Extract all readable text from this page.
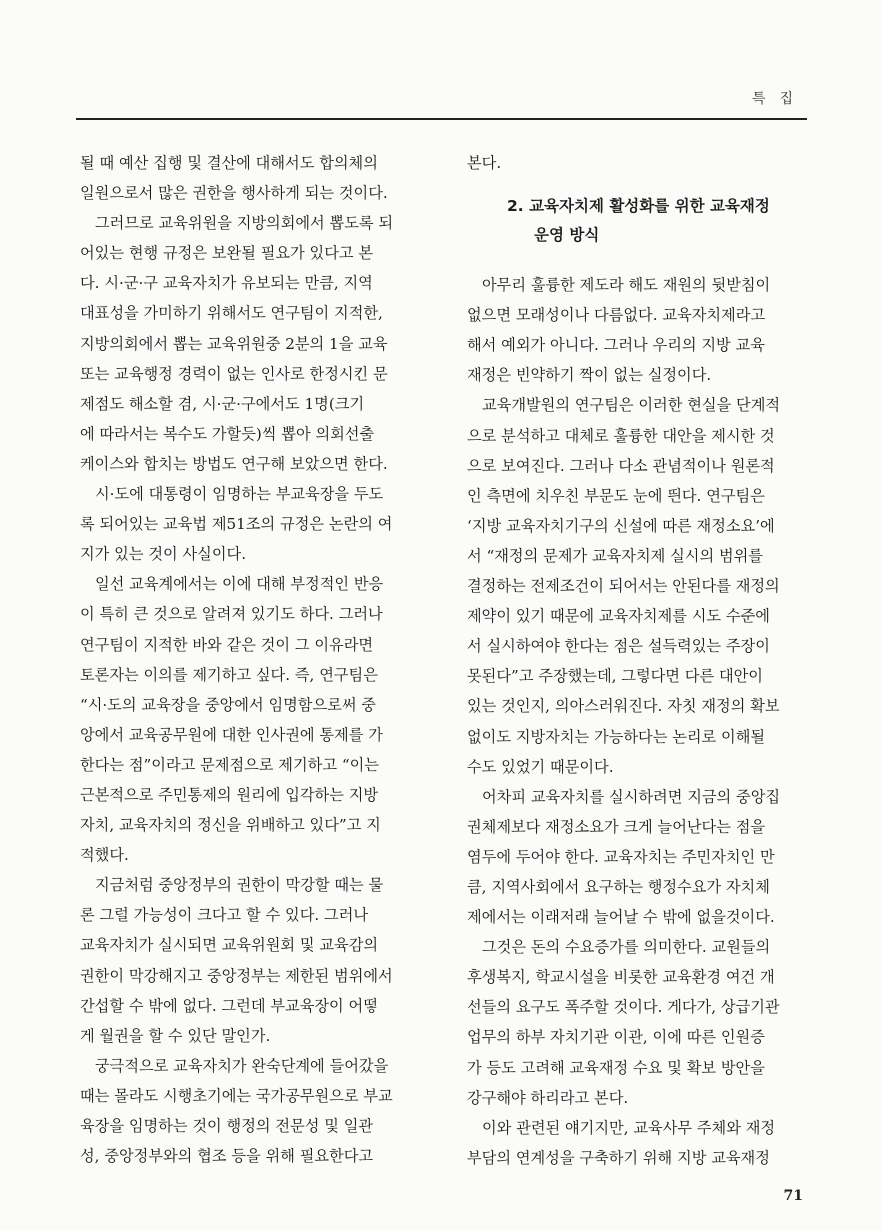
특집
될 때 예산 집행 및 결산에 대해서도 합의체의
일원으로서 많은 권한을 행사하게 되는 것이다.
그러므로 교육위원을 지방의회에서 뽑도록 되
어있는 현행 규정은 보완될 필요가 있다고 본
다. 시·군·구 교육자치가 유보되는 만큼, 지역
대표성을 가미하기 위해서도 연구팀이 지적한,
지방의회에서 뽑는 교육위원중 2분의 1을 교육
또는 교육행정 경력이 없는 인사로 한정시킨 문
제점도 해소할 겸, 시·군·구에서도 1명(크기
에 따라서는 복수도 가할듯)씩 뽑아 의회선출
케이스와 합치는 방법도 연구해 보았으면 한다.
시·도에 대통령이 임명하는 부교육장을 두도
록 되어있는 교육법 제51조의 규정은 논란의 여
지가 있는 것이 사실이다.
일선 교육계에서는 이에 대해 부정적인 반응
이 특히 큰 것으로 알려져 있기도 하다. 그러나
연구팀이 지적한 바와 같은 것이 그 이유라면
토론자는 이의를 제기하고 싶다. 즉, 연구팀은
“시·도의 교육장을 중앙에서 임명함으로써 중
앙에서 교육공무원에 대한 인사권에 통제를 가
한다는 점”이라고 문제점으로 제기하고 “이는
근본적으로 주민통제의 원리에 입각하는 지방
자치, 교육자치의 정신을 위배하고 있다”고 지
적했다.
지금처럼 중앙정부의 권한이 막강할 때는 물
론 그럴 가능성이 크다고 할 수 있다. 그러나
교육자치가 실시되면 교육위원회 및 교육감의
권한이 막강해지고 중앙정부는 제한된 범위에서
간섭할 수 밖에 없다. 그런데 부교육장이 어떻
게 월권을 할 수 있단 말인가.
궁극적으로 교육자치가 완숙단계에 들어갔을
때는 몰라도 시행초기에는 국가공무원으로 부교
육장을 임명하는 것이 행정의 전문성 및 일관
성, 중앙정부와의 협조 등을 위해 필요한다고
본다.
2. 교육자치제 활성화를 위한 교육재정
운영 방식
아무리 훌륭한 제도라 해도 재원의 뒷받침이
없으면 모래성이나 다름없다. 교육자치제라고
해서 예외가 아니다. 그러나 우리의 지방 교육
재정은 빈약하기 짝이 없는 실정이다.
교육개발원의 연구팀은 이러한 현실을 단계적
으로 분석하고 대체로 훌륭한 대안을 제시한 것
으로 보여진다. 그러나 다소 관념적이나 원론적
인 측면에 치우친 부문도 눈에 띈다. 연구팀은
‘지방 교육자치기구의 신설에 따른 재정소요’에
서 “재정의 문제가 교육자치제 실시의 범위를
결정하는 전제조건이 되어서는 안된다를 재정의
제약이 있기 때문에 교육자치제를 시도 수준에
서 실시하여야 한다는 점은 설득력있는 주장이
못된다”고 주장했는데, 그렇다면 다른 대안이
있는 것인지, 의아스러워진다. 자칫 재정의 확보
없이도 지방자치는 가능하다는 논리로 이해될
수도 있었기 때문이다.
어차피 교육자치를 실시하려면 지금의 중앙집
권체제보다 재정소요가 크게 늘어난다는 점을
염두에 두어야 한다. 교육자치는 주민자치인 만
큼, 지역사회에서 요구하는 행정수요가 자치체
제에서는 이래저래 늘어날 수 밖에 없을것이다.
그것은 돈의 수요증가를 의미한다. 교원들의
후생복지, 학교시설을 비롯한 교육환경 여건 개
선들의 요구도 폭주할 것이다. 게다가, 상급기관
업무의 하부 자치기관 이관, 이에 따른 인원증
가 등도 고려해 교육재정 수요 및 확보 방안을
강구해야 하리라고 본다.
이와 관련된 얘기지만, 교육사무 주체와 재정
부담의 연계성을 구축하기 위해 지방 교육재정
71
